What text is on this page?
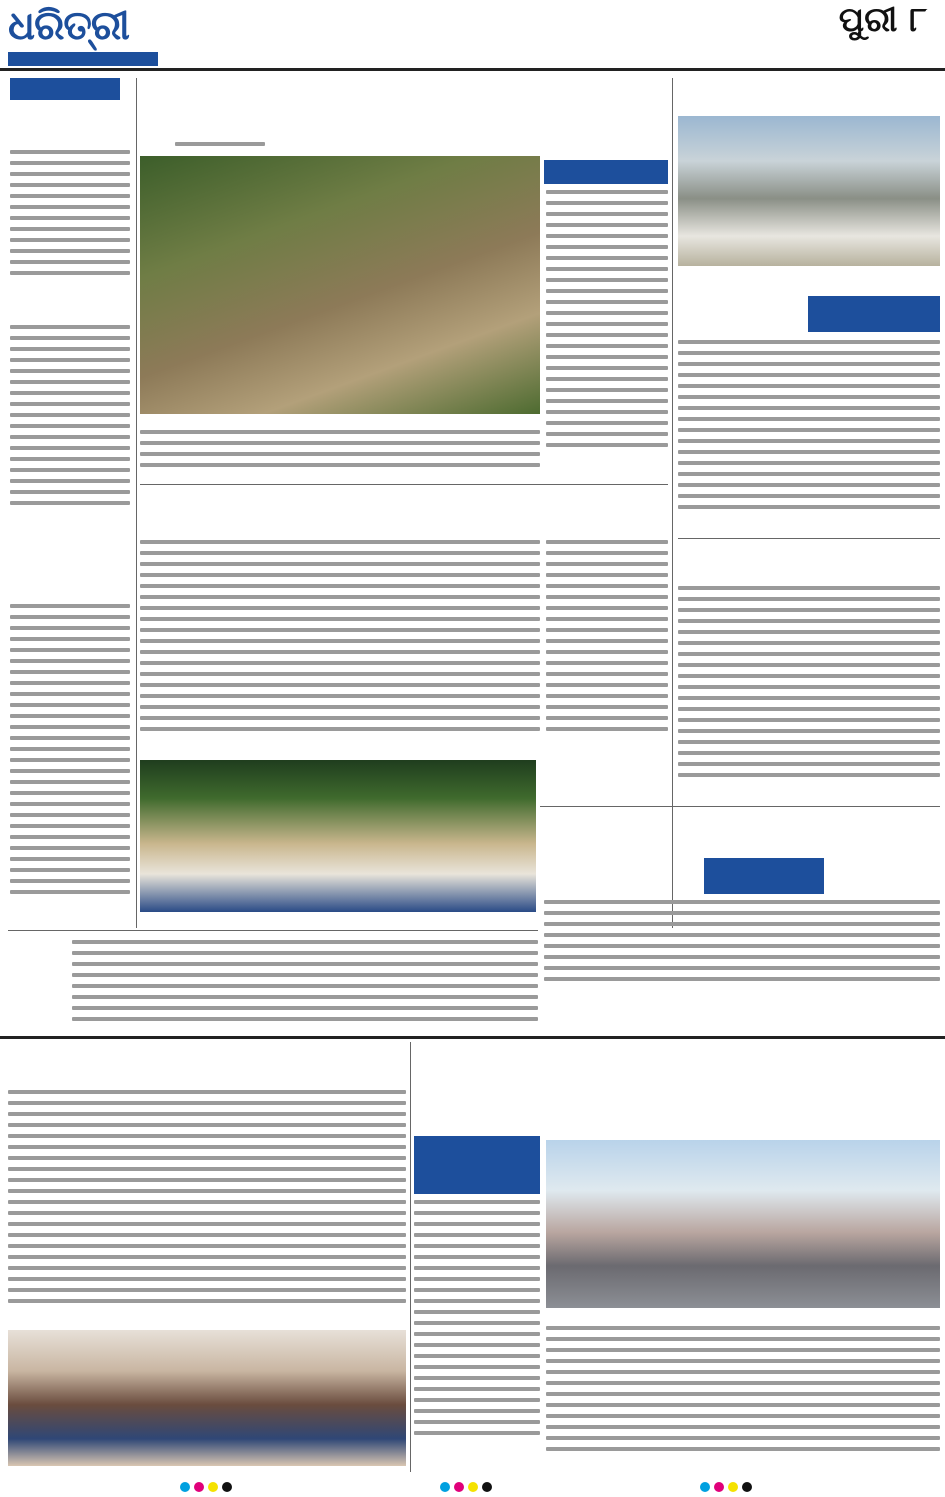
ଧରିତ୍ରୀ	ପୁରୀ ୮
